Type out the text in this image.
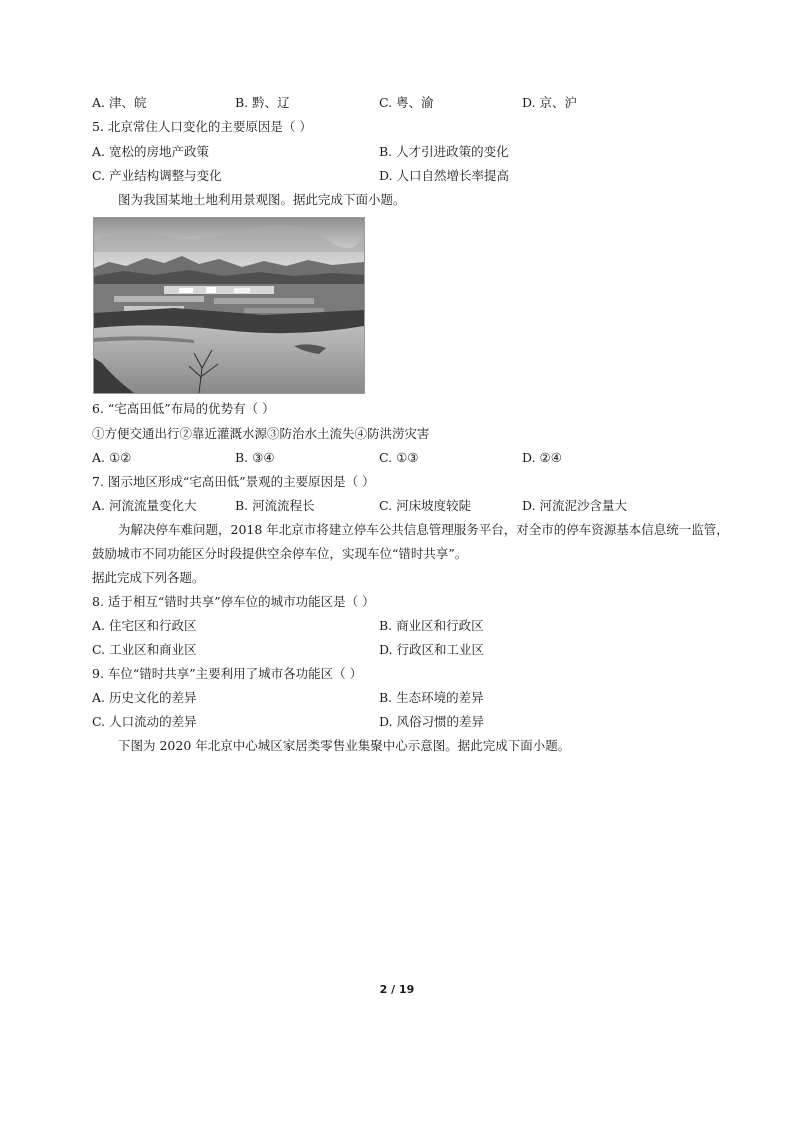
A. 津、皖	B. 黔、辽	C. 粤、渝	D. 京、沪
5. 北京常住人口变化的主要原因是（ ）
A. 宽松的房地产政策	B. 人才引进政策的变化
C. 产业结构调整与变化	D. 人口自然增长率提高
图为我国某地土地利用景观图。据此完成下面小题。
6. “宅高田低”布局的优势有（ ）
①方便交通出行②靠近灌溉水源③防治水土流失④防洪涝灾害
A. ①②	B. ③④	C. ①③	D. ②④
7. 图示地区形成“宅高田低”景观的主要原因是（ ）
A. 河流流量变化大	B. 河流流程长	C. 河床坡度较陡	D. 河流泥沙含量大
为解决停车难问题，2018 年北京市将建立停车公共信息管理服务平台，对全市的停车资源基本信息统一监管，
鼓励城市不同功能区分时段提供空余停车位，实现车位“错时共享”。
据此完成下列各题。
8. 适于相互“错时共享”停车位的城市功能区是（ ）
A. 住宅区和行政区	B. 商业区和行政区
C. 工业区和商业区	D. 行政区和工业区
9. 车位“错时共享”主要利用了城市各功能区（ ）
A. 历史文化的差异	B. 生态环境的差异
C. 人口流动的差异	D. 风俗习惯的差异
下图为 2020 年北京中心城区家居类零售业集聚中心示意图。据此完成下面小题。
2 / 19
